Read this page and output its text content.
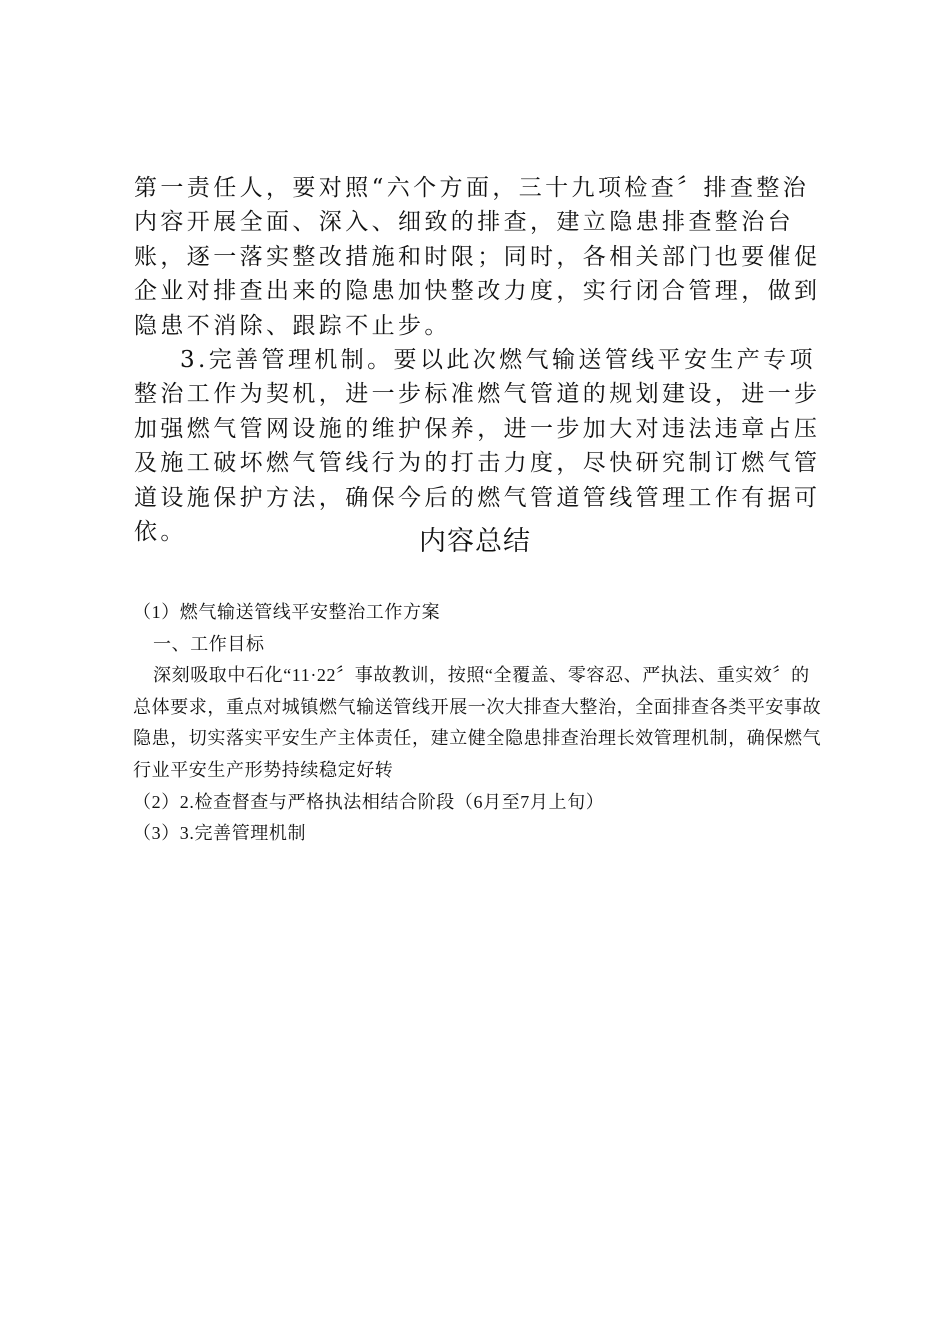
第一责任人，要对照“六个方面，三十九项检查〞排查整治内容开展全面、深入、细致的排查，建立隐患排查整治台账，逐一落实整改措施和时限；同时，各相关部门也要催促企业对排查出来的隐患加快整改力度，实行闭合管理，做到隐患不消除、跟踪不止步。

3.完善管理机制。要以此次燃气输送管线平安生产专项整治工作为契机，进一步标准燃气管道的规划建设，进一步加强燃气管网设施的维护保养，进一步加大对违法违章占压及施工破坏燃气管线行为的打击力度，尽快研究制订燃气管道设施保护方法，确保今后的燃气管道管线管理工作有据可依。	内容总结

（1）燃气输送管线平安整治工作方案

一、工作目标

深刻吸取中石化“11·22〞事故教训，按照“全覆盖、零容忍、严执法、重实效〞的总体要求，重点对城镇燃气输送管线开展一次大排查大整治，全面排查各类平安事故隐患，切实落实平安生产主体责任，建立健全隐患排查治理长效管理机制，确保燃气行业平安生产形势持续稳定好转

（2）2.检查督查与严格执法相结合阶段（6月至7月上旬）

（3）3.完善管理机制
